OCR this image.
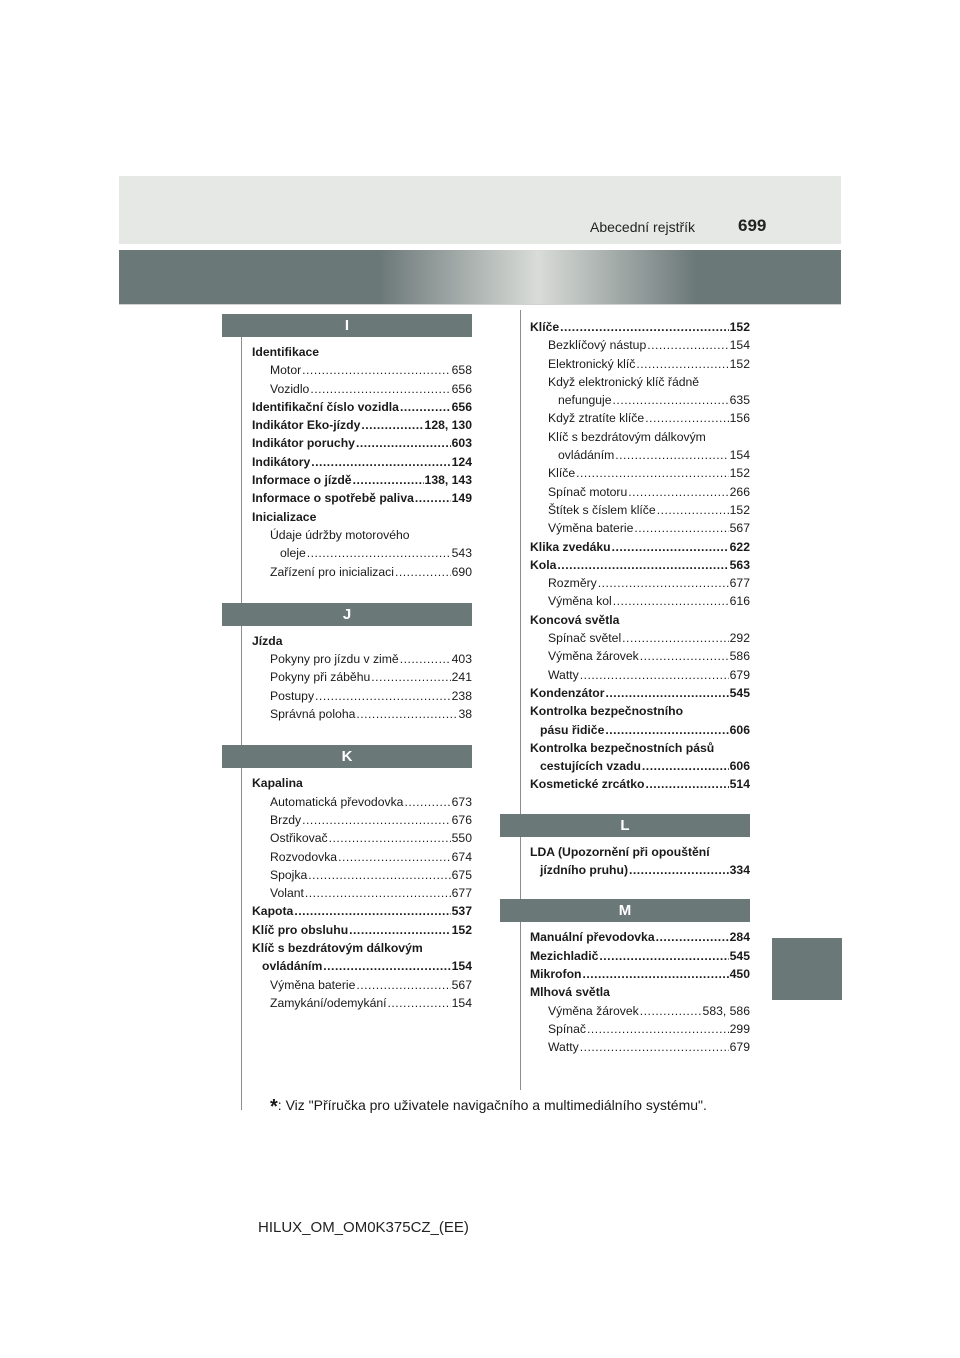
Abecední rejstřík	699
I
Identifikace
Motor .....	658
Vozidlo .....	656
Identifikační číslo vozidla .....	656
Indikátor Eko-jízdy .....	128, 130
Indikátor poruchy .....	603
Indikátory .....	124
Informace o jízdě .....	138, 143
Informace o spotřebě paliva .....	149
Inicializace
Údaje údržby motorového
oleje .....	543
Zařízení pro inicializaci .....	690
J
Jízda
Pokyny pro jízdu v zimě .....	403
Pokyny při záběhu .....	241
Postupy .....	238
Správná poloha .....	38
K
Kapalina
Automatická převodovka .....	673
Brzdy .....	676
Ostřikovač .....	550
Rozvodovka .....	674
Spojka .....	675
Volant .....	677
Kapota .....	537
Klíč pro obsluhu .....	152
Klíč s bezdrátovým dálkovým
ovládáním .....	154
Výměna baterie .....	567
Zamykání/odemykání .....	154
Klíče .....	152
Bezklíčový nástup .....	154
Elektronický klíč .....	152
Když elektronický klíč řádně
nefunguje .....	635
Když ztratíte klíče .....	156
Klíč s bezdrátovým dálkovým
ovládáním .....	154
Klíče .....	152
Spínač motoru .....	266
Štítek s číslem klíče .....	152
Výměna baterie .....	567
Klika zvedáku .....	622
Kola .....	563
Rozměry .....	677
Výměna kol .....	616
Koncová světla
Spínač světel .....	292
Výměna žárovek .....	586
Watty .....	679
Kondenzátor .....	545
Kontrolka bezpečnostního
pásu řidiče .....	606
Kontrolka bezpečnostních pásů
cestujících vzadu .....	606
Kosmetické zrcátko .....	514
L
LDA (Upozornění při opouštění
jízdního pruhu) .....	334
M
Manuální převodovka .....	284
Mezichladič .....	545
Mikrofon .....	450
Mlhová světla
Výměna žárovek .....	583, 586
Spínač .....	299
Watty .....	679
*: Viz "Příručka pro uživatele navigačního a multimediálního systému".
HILUX_OM_OM0K375CZ_(EE)
